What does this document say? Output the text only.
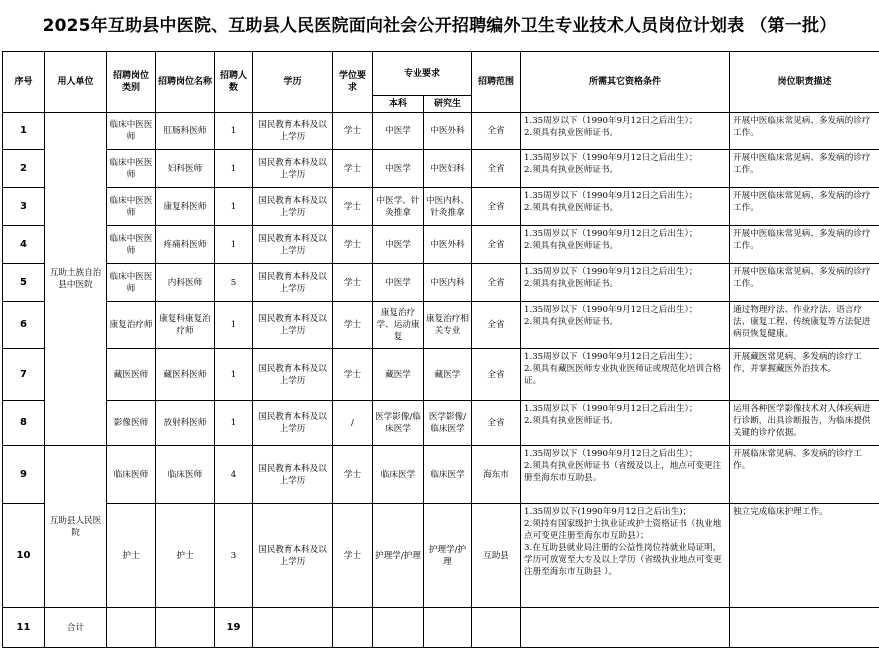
2025年互助县中医院、互助县人民医院面向社会公开招聘编外卫生专业技术人员岗位计划表 （第一批）
序号	用人单位	招聘岗位类别	招聘岗位名称	招聘人数	学历	学位要求	专业要求		招聘范围	所需其它资格条件	岗位职责描述
							本科	研究生			
1	互助土族自治县中医院	临床中医医师	肛肠科医师	1	国民教育本科及以上学历	学士	中医学	中医外科	全省	1.35周岁以下（1990年9月12日之后出生）；
2.须具有执业医师证书。	开展中医临床常见病、多发病的诊疗工作。
2		临床中医医师	妇科医师	1	国民教育本科及以上学历	学士	中医学	中医妇科	全省	1.35周岁以下（1990年9月12日之后出生）；
2.须具有执业医师证书。	开展中医临床常见病、多发病的诊疗工作。
3		临床中医医师	康复科医师	1	国民教育本科及以上学历	学士	中医学、针灸推拿	中医内科、针灸推拿	全省	1.35周岁以下（1990年9月12日之后出生）；
2.须具有执业医师证书。	开展中医临床常见病、多发病的诊疗工作。
4		临床中医医师	疼痛科医师	1	国民教育本科及以上学历	学士	中医学	中医外科	全省	1.35周岁以下（1990年9月12日之后出生）；
2.须具有执业医师证书。	开展中医临床常见病、多发病的诊疗工作。
5		临床中医医师	内科医师	5	国民教育本科及以上学历	学士	中医学	中医内科	全省	1.35周岁以下（1990年9月12日之后出生）；
2.须具有执业医师证书。	开展中医临床常见病、多发病的诊疗工作。
6		康复治疗师	康复科康复治疗师	1	国民教育本科及以上学历	学士	康复治疗学、运动康复	康复治疗相关专业	全省	1.35周岁以下（1990年9月12日之后出生）；
2.须具有执业医师证书。	通过物理疗法、作业疗法、语言疗法、康复工程、传统康复等方法促进病员恢复健康。
7		藏医医师	藏医科医师	1	国民教育本科及以上学历	学士	藏医学	藏医学	全省	1.35周岁以下（1990年9月12日之后出生）；
2.须具有藏医医师专业执业医师证或规范化培训合格证。	开展藏医常见病、多发病的诊疗工作，并掌握藏医外治技术。
8		影像医师	放射科医师	1	国民教育本科及以上学历	/	医学影像/临床医学	医学影像/临床医学	全省	1.35周岁以下（1990年9月12日之后出生）；
2.须具有执业医师证书。	运用各种医学影像技术对人体疾病进行诊断，出具诊断报告，为临床提供关键的诊疗依据。
9	互助县人民医院	临床医师	临床医师	4	国民教育本科及以上学历	学士	临床医学	临床医学	海东市	1.35周岁以下（1990年9月12日之后出生）；
2.须具有执业医师证书（省级及以上，地点可变更注册至海东市互助县。	开展临床常见病、多发病的诊疗工作。
10		护士	护士	3	国民教育本科及以上学历	学士	护理学/护理	护理学/护理	互助县	1.35周岁以下(1990年9月12日之后出生)；
2.须持有国家级护士执业证或护士资格证书（执业地点可变更注册至海东市互助县）；
3.在互助县就业局注册的公益性岗位持就业局证明，学历可放宽至大专及以上学历（省级执业地点可变更注册至海东市互助县 ）。	独立完成临床护理工作。
11	合计			19							
